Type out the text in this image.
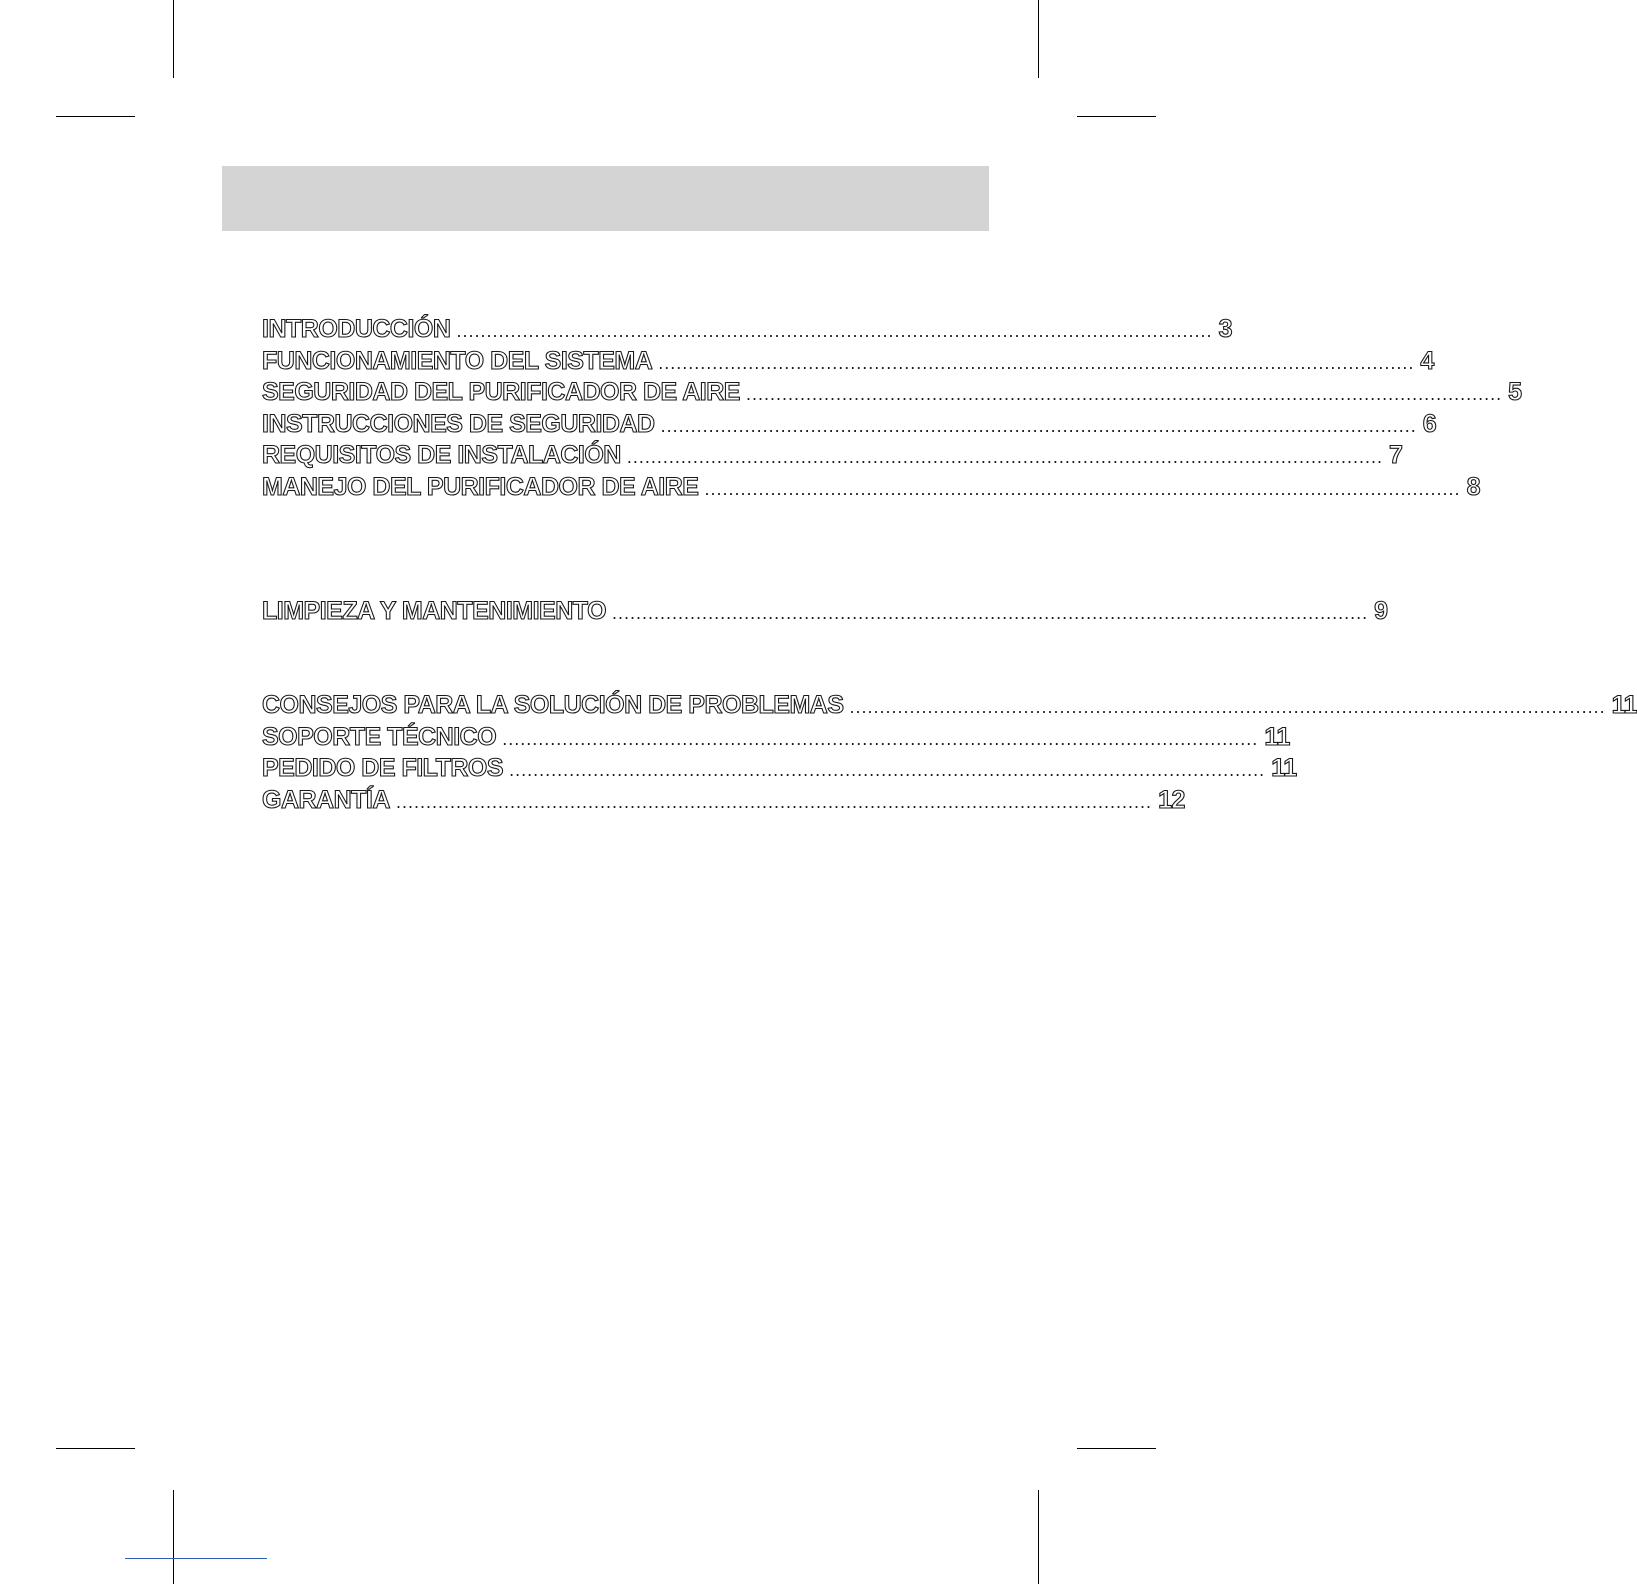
INTRODUCCIÓN .............................................................................................................................. 3
FUNCIONAMIENTO DEL SISTEMA .............................................................................................................................. 4
SEGURIDAD DEL PURIFICADOR DE AIRE .............................................................................................................................. 5
INSTRUCCIONES DE SEGURIDAD .............................................................................................................................. 6
REQUISITOS DE INSTALACIÓN .............................................................................................................................. 7
MANEJO DEL PURIFICADOR DE AIRE .............................................................................................................................. 8
LIMPIEZA Y MANTENIMIENTO .............................................................................................................................. 9
CONSEJOS PARA LA SOLUCIÓN DE PROBLEMAS .............................................................................................................................. 11
SOPORTE TÉCNICO .............................................................................................................................. 11
PEDIDO DE FILTROS .............................................................................................................................. 11
GARANTÍA .............................................................................................................................. 12
